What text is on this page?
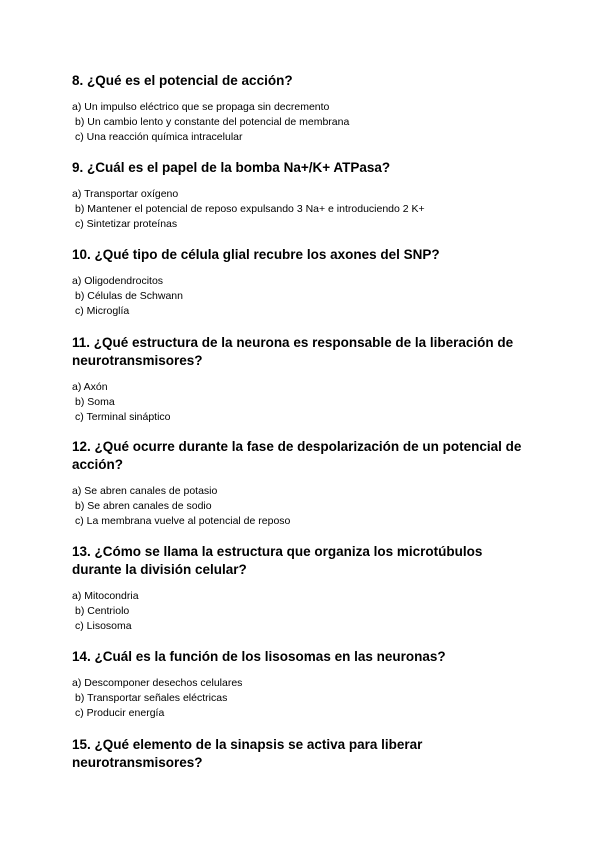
8. ¿Qué es el potencial de acción?

a) Un impulso eléctrico que se propaga sin decremento
b) Un cambio lento y constante del potencial de membrana
c) Una reacción química intracelular

9. ¿Cuál es el papel de la bomba Na+/K+ ATPasa?

a) Transportar oxígeno
b) Mantener el potencial de reposo expulsando 3 Na+ e introduciendo 2 K+
c) Sintetizar proteínas

10. ¿Qué tipo de célula glial recubre los axones del SNP?

a) Oligodendrocitos
b) Células de Schwann
c) Microglía

11. ¿Qué estructura de la neurona es responsable de la liberación de neurotransmisores?

a) Axón
b) Soma
c) Terminal sináptico

12. ¿Qué ocurre durante la fase de despolarización de un potencial de acción?

a) Se abren canales de potasio
b) Se abren canales de sodio
c) La membrana vuelve al potencial de reposo

13. ¿Cómo se llama la estructura que organiza los microtúbulos durante la división celular?

a) Mitocondria
b) Centriolo
c) Lisosoma

14. ¿Cuál es la función de los lisosomas en las neuronas?

a) Descomponer desechos celulares
b) Transportar señales eléctricas
c) Producir energía

15. ¿Qué elemento de la sinapsis se activa para liberar neurotransmisores?
